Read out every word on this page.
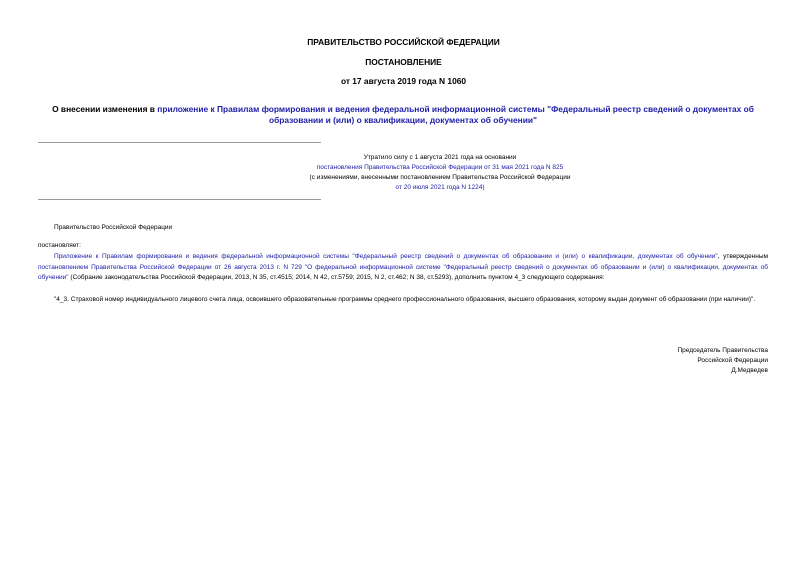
ПРАВИТЕЛЬСТВО РОССИЙСКОЙ ФЕДЕРАЦИИ
ПОСТАНОВЛЕНИЕ
от 17 августа 2019 года N 1060
О внесении изменения в приложение к Правилам формирования и ведения федеральной информационной системы "Федеральный реестр сведений о документах об образовании и (или) о квалификации, документах об обучении"
Утратило силу с 1 августа 2021 года на основании
постановления Правительства Российской Федерации от 31 мая 2021 года N 825
(с изменениями, внесенными постановлением Правительства Российской Федерации
от 20 июля 2021 года N 1224)
Правительство Российской Федерации
постановляет:
Приложение к Правилам формирования и ведения федеральной информационной системы "Федеральный реестр сведений о документах об образовании и (или) о квалификации, документах об обучении", утвержденным постановлением Правительства Российской Федерации от 26 августа 2013 г. N 729 "О федеральной информационной системе "Федеральный реестр сведений о документах об образовании и (или) о квалификации, документах об обучении" (Собрание законодательства Российской Федерации, 2013, N 35, ст.4515; 2014, N 42, ст.5759; 2015, N 2, ст.462; N 38, ст.5293), дополнить пунктом 4_3 следующего содержания:
"4_3. Страховой номер индивидуального лицевого счета лица, освоившего образовательные программы среднего профессионального образования, высшего образования, которому выдан документ об образовании (при наличии)".
Председатель Правительства
Российской Федерации
Д.Медведев
